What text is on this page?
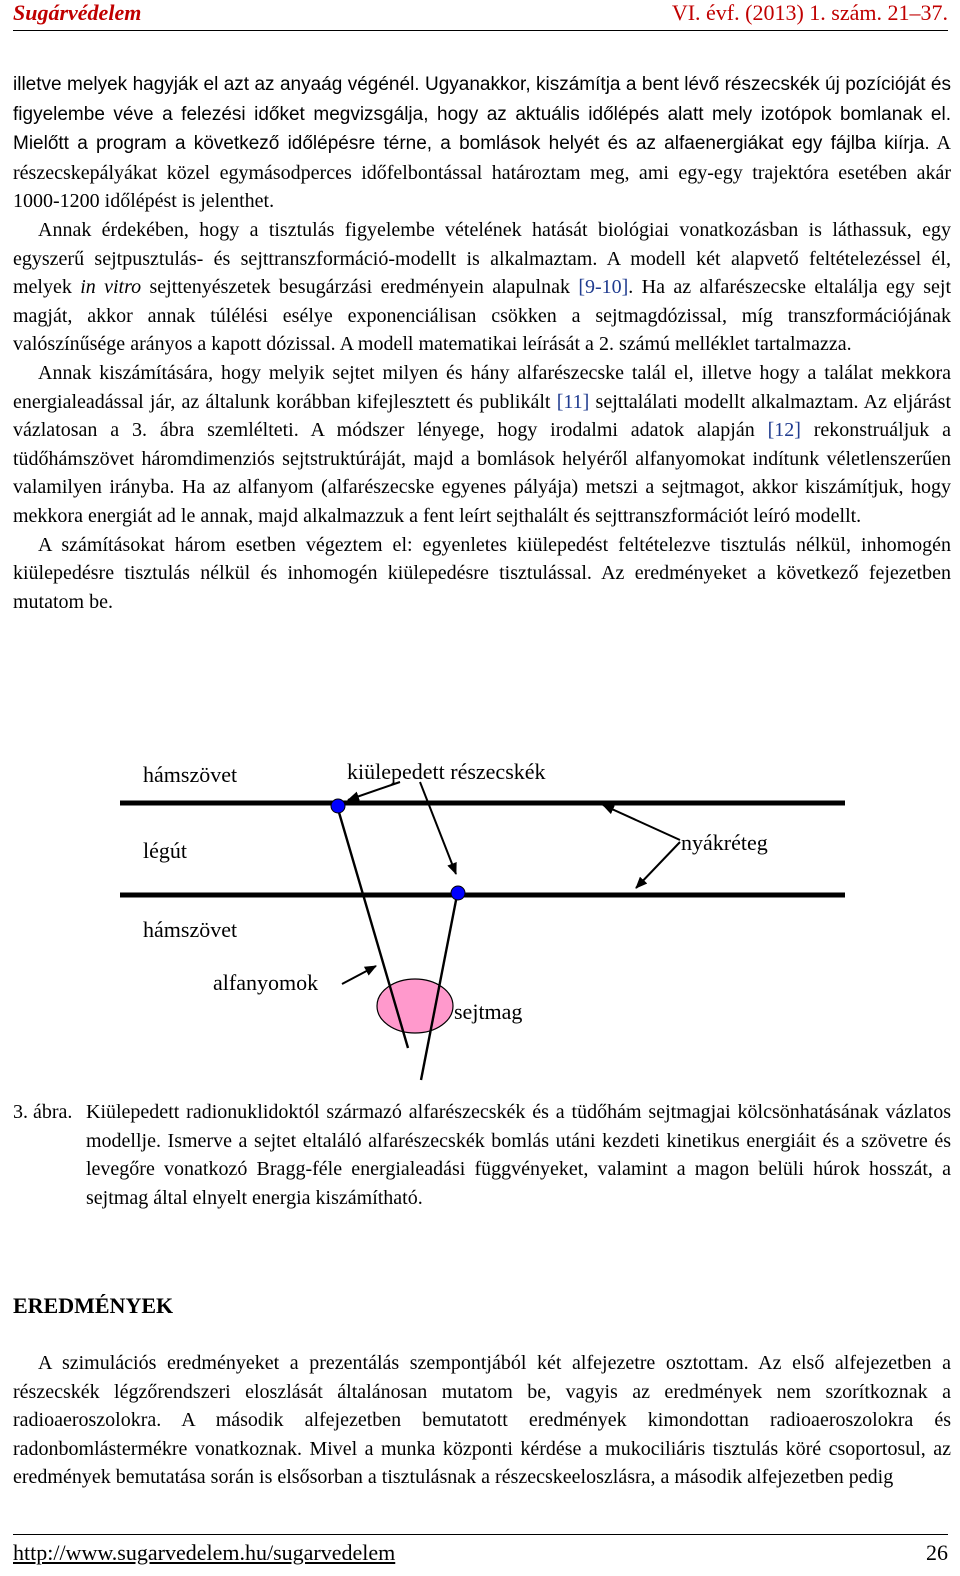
Sugárvédelem	VI. évf. (2013) 1. szám. 21–37.

illetve melyek hagyják el azt az anyaág végénél. Ugyanakkor, kiszámítja a bent lévő részecskék új pozícióját és figyelembe véve a felezési időket megvizsgálja, hogy az aktuális időlépés alatt mely izotópok bomlanak el. Mielőtt a program a következő időlépésre térne, a bomlások helyét és az alfaenergiákat egy fájlba kiírja. A részecskepályákat közel egymásodperces időfelbontással határoztam meg, ami egy-egy trajektóra esetében akár 1000-1200 időlépést is jelenthet.

Annak érdekében, hogy a tisztulás figyelembe vételének hatását biológiai vonatkozásban is láthassuk, egy egyszerű sejtpusztulás- és sejttranszformáció-modellt is alkalmaztam. A modell két alapvető feltételezéssel él, melyek in vitro sejttenyészetek besugárzási eredményein alapulnak [9-10]. Ha az alfarészecske eltalálja egy sejt magját, akkor annak túlélési esélye exponenciálisan csökken a sejtmagdózissal, míg transzformációjának valószínűsége arányos a kapott dózissal. A modell matematikai leírását a 2. számú melléklet tartalmazza.

Annak kiszámítására, hogy melyik sejtet milyen és hány alfarészecske talál el, illetve hogy a találat mekkora energialeadással jár, az általunk korábban kifejlesztett és publikált [11] sejttalálati modellt alkalmaztam. Az eljárást vázlatosan a 3. ábra szemlélteti. A módszer lényege, hogy irodalmi adatok alapján [12] rekonstruáljuk a tüdőhámszövet háromdimenziós sejtstruktúráját, majd a bomlások helyéről alfanyomokat indítunk véletlenszerűen valamilyen irányba. Ha az alfanyom (alfarészecske egyenes pályája) metszi a sejtmagot, akkor kiszámítjuk, hogy mekkora energiát ad le annak, majd alkalmazzuk a fent leírt sejthalált és sejttranszformációt leíró modellt.

A számításokat három esetben végeztem el: egyenletes kiülepedést feltételezve tisztulás nélkül, inhomogén kiülepedésre tisztulás nélkül és inhomogén kiülepedésre tisztulással. Az eredményeket a következő fejezetben mutatom be.

hámszövet	kiülepedett részecskék
légút	nyákréteg
hámszövet
alfanyomok
sejtmag
3. ábra. Kiülepedett radionuklidoktól származó alfarészecskék és a tüdőhám sejtmagjai kölcsönhatásának vázlatos modellje. Ismerve a sejtet eltaláló alfarészecskék bomlás utáni kezdeti kinetikus energiáit és a szövetre és levegőre vonatkozó Bragg-féle energialeadási függvényeket, valamint a magon belüli húrok hosszát, a sejtmag által elnyelt energia kiszámítható.
EREDMÉNYEK

A szimulációs eredményeket a prezentálás szempontjából két alfejezetre osztottam. Az első alfejezetben a részecskék légzőrendszeri eloszlását általánosan mutatom be, vagyis az eredmények nem szorítkoznak a radioaeroszolokra. A második alfejezetben bemutatott eredmények kimondottan radioaeroszolokra és radonbomlástermékre vonatkoznak. Mivel a munka központi kérdése a mukociliáris tisztulás köré csoportosul, az eredmények bemutatása során is elsősorban a tisztulásnak a részecskeeloszlásra, a második alfejezetben pedig

http://www.sugarvedelem.hu/sugarvedelem	26
